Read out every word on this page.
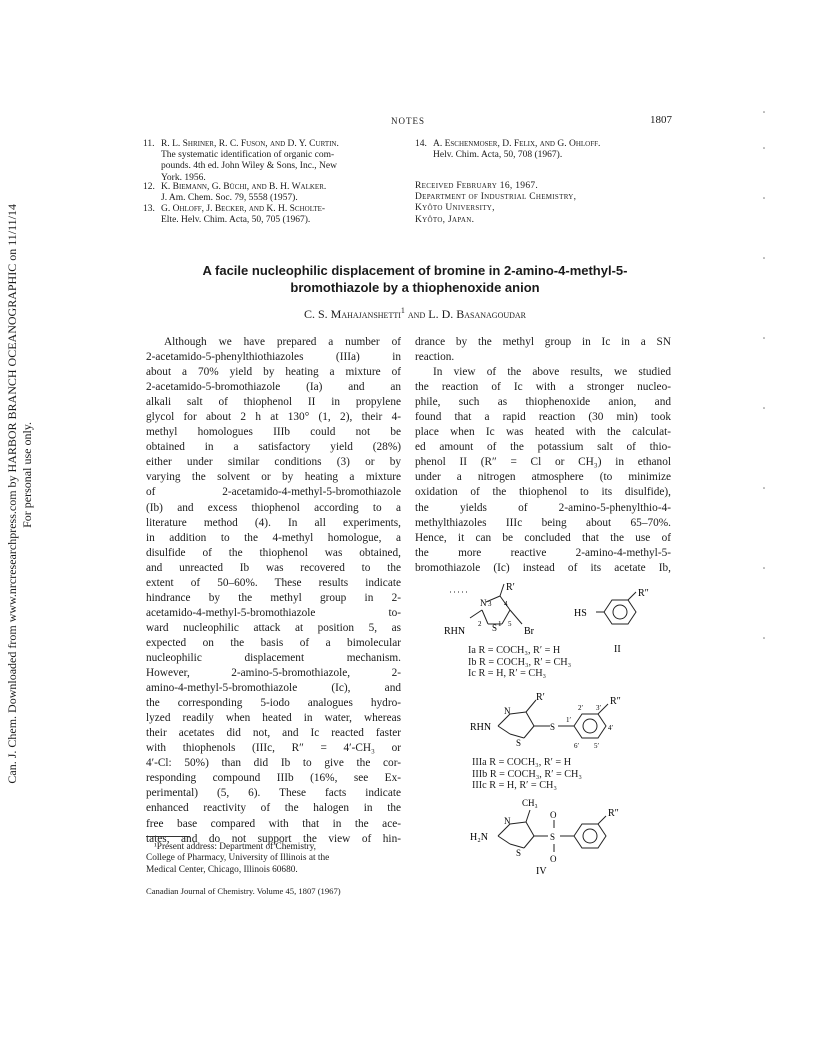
Can. J. Chem. Downloaded from www.nrcresearchpress.com by HARBOR BRANCH OCEANOGRAPHIC on 11/11/14 For personal use only.
NOTES	1807
11. R. L. Shriner, R. C. Fuson, and D. Y. Curtin.
The systematic identification of organic com-
pounds. 4th ed. John Wiley & Sons, Inc., New
York. 1956.
12. K. Biemann, G. Büchi, and B. H. Walker.
J. Am. Chem. Soc. 79, 5558 (1957).
13. G. Ohloff, J. Becker, and K. H. Scholte-
Elte. Helv. Chim. Acta, 50, 705 (1967).
14. A. Eschenmoser, D. Felix, and G. Ohloff.
Helv. Chim. Acta, 50, 708 (1967).
Received February 16, 1967.
Department of Industrial Chemistry,
Kyôto University,
Kyôto, Japan.
A facile nucleophilic displacement of bromine in 2-amino-4-methyl-5-
bromothiazole by a thiophenoxide anion
C. S. Mahajanshetti$^1$ and L. D. Basanagoudar
Although we have prepared a number of
2-acetamido-5-phenylthiothiazoles (IIIa) in
about a 70% yield by heating a mixture of
2-acetamido-5-bromothiazole (Ia) and an
alkali salt of thiophenol II in propylene
glycol for about 2 h at 130° (1, 2), their 4-
methyl homologues IIIb could not be
obtained in a satisfactory yield (28%)
either under similar conditions (3) or by
varying the solvent or by heating a mixture
of 2-acetamido-4-methyl-5-bromothiazole
(Ib) and excess thiophenol according to a
literature method (4). In all experiments,
in addition to the 4-methyl homologue, a
disulfide of the thiophenol was obtained,
and unreacted Ib was recovered to the
extent of 50–60%. These results indicate
hindrance by the methyl group in 2-
acetamido-4-methyl-5-bromothiazole to-
ward nucleophilic attack at position 5, as
expected on the basis of a bimolecular
nucleophilic displacement mechanism.
However, 2-amino-5-bromothiazole, 2-
amino-4-methyl-5-bromothiazole (Ic), and
the corresponding 5-iodo analogues hydro-
lyzed readily when heated in water, whereas
their acetates did not, and Ic reacted faster
with thiophenols (IIIc, R″ = 4′-CH₃ or
4′-Cl: 50%) than did Ib to give the cor-
responding compound IIIb (16%, see Ex-
perimental) (5, 6). These facts indicate
enhanced reactivity of the halogen in the
free base compared with that in the ace-
tates, and do not support the view of hin-
drance by the methyl group in Ic in a SN
reaction.
In view of the above results, we studied
the reaction of Ic with a stronger nucleo-
phile, such as thiophenoxide anion, and
found that a rapid reaction (30 min) took
place when Ic was heated with the calculat-
ed amount of the potassium salt of thio-
phenol II (R″ = Cl or CH₃) in ethanol
under a nitrogen atmosphere (to minimize
oxidation of the thiophenol to its disulfide),
the yields of 2-amino-5-phenylthio-4-
methylthiazoles IIIc being about 65–70%.
Hence, it can be concluded that the use of
the more reactive 2-amino-4-methyl-5-
bromothiazole (Ic) instead of its acetate Ib,
R′
N 3 4
RHN
2 S 1 5
Br
HS
R″
II
Ia R = COCH₃, R′ = H
Ib R = COCH₃, R′ = CH₃
Ic R = H, R′ = CH₃
R′
N
RHN
S
S
1′
2′ 3′
4′
5′
6′
R″
IIIa R = COCH₃, R′ = H
IIIb R = COCH₃, R′ = CH₃
IIIc R = H, R′ = CH₃
CH₃
N
H₂N
S
S
O
O
R″
IV
¹Present address: Department of Chemistry,
College of Pharmacy, University of Illinois at the
Medical Center, Chicago, Illinois 60680.
Canadian Journal of Chemistry. Volume 45, 1807 (1967)
